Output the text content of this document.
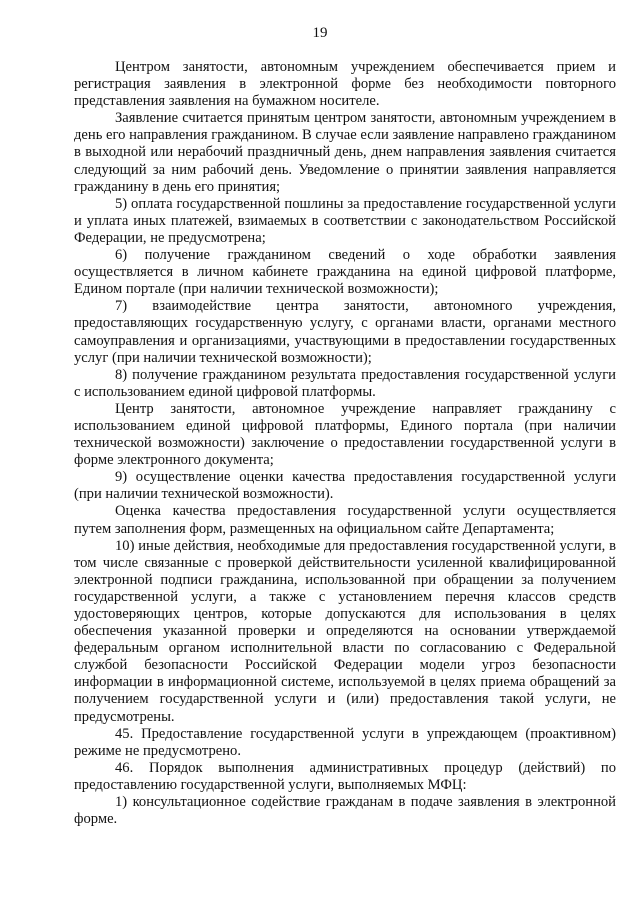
19

Центром занятости, автономным учреждением обеспечивается прием и регистрация заявления в электронной форме без необходимости повторного представления заявления на бумажном носителе.

Заявление считается принятым центром занятости, автономным учреждением в день его направления гражданином. В случае если заявление направлено гражданином в выходной или нерабочий праздничный день, днем направления заявления считается следующий за ним рабочий день. Уведомление о принятии заявления направляется гражданину в день его принятия;

5) оплата государственной пошлины за предоставление государственной услуги и уплата иных платежей, взимаемых в соответствии с законодательством Российской Федерации, не предусмотрена;

6) получение гражданином сведений о ходе обработки заявления осуществляется в личном кабинете гражданина на единой цифровой платформе, Едином портале (при наличии технической возможности);

7) взаимодействие центра занятости, автономного учреждения, предоставляющих государственную услугу, с органами власти, органами местного самоуправления и организациями, участвующими в предоставлении государственных услуг (при наличии технической возможности);

8) получение гражданином результата предоставления государственной услуги с использованием единой цифровой платформы.

Центр занятости, автономное учреждение направляет гражданину с использованием единой цифровой платформы, Единого портала (при наличии технической возможности) заключение о предоставлении государственной услуги в форме электронного документа;

9) осуществление оценки качества предоставления государственной услуги (при наличии технической возможности).

Оценка качества предоставления государственной услуги осуществляется путем заполнения форм, размещенных на официальном сайте Департамента;

10) иные действия, необходимые для предоставления государственной услуги, в том числе связанные с проверкой действительности усиленной квалифицированной электронной подписи гражданина, использованной при обращении за получением государственной услуги, а также с установлением перечня классов средств удостоверяющих центров, которые допускаются для использования в целях обеспечения указанной проверки и определяются на основании утверждаемой федеральным органом исполнительной власти по согласованию с Федеральной службой безопасности Российской Федерации модели угроз безопасности информации в информационной системе, используемой в целях приема обращений за получением государственной услуги и (или) предоставления такой услуги, не предусмотрены.

45. Предоставление государственной услуги в упреждающем (проактивном) режиме не предусмотрено.

46. Порядок выполнения административных процедур (действий) по предоставлению государственной услуги, выполняемых МФЦ:

1) консультационное содействие гражданам в подаче заявления в электронной форме.
